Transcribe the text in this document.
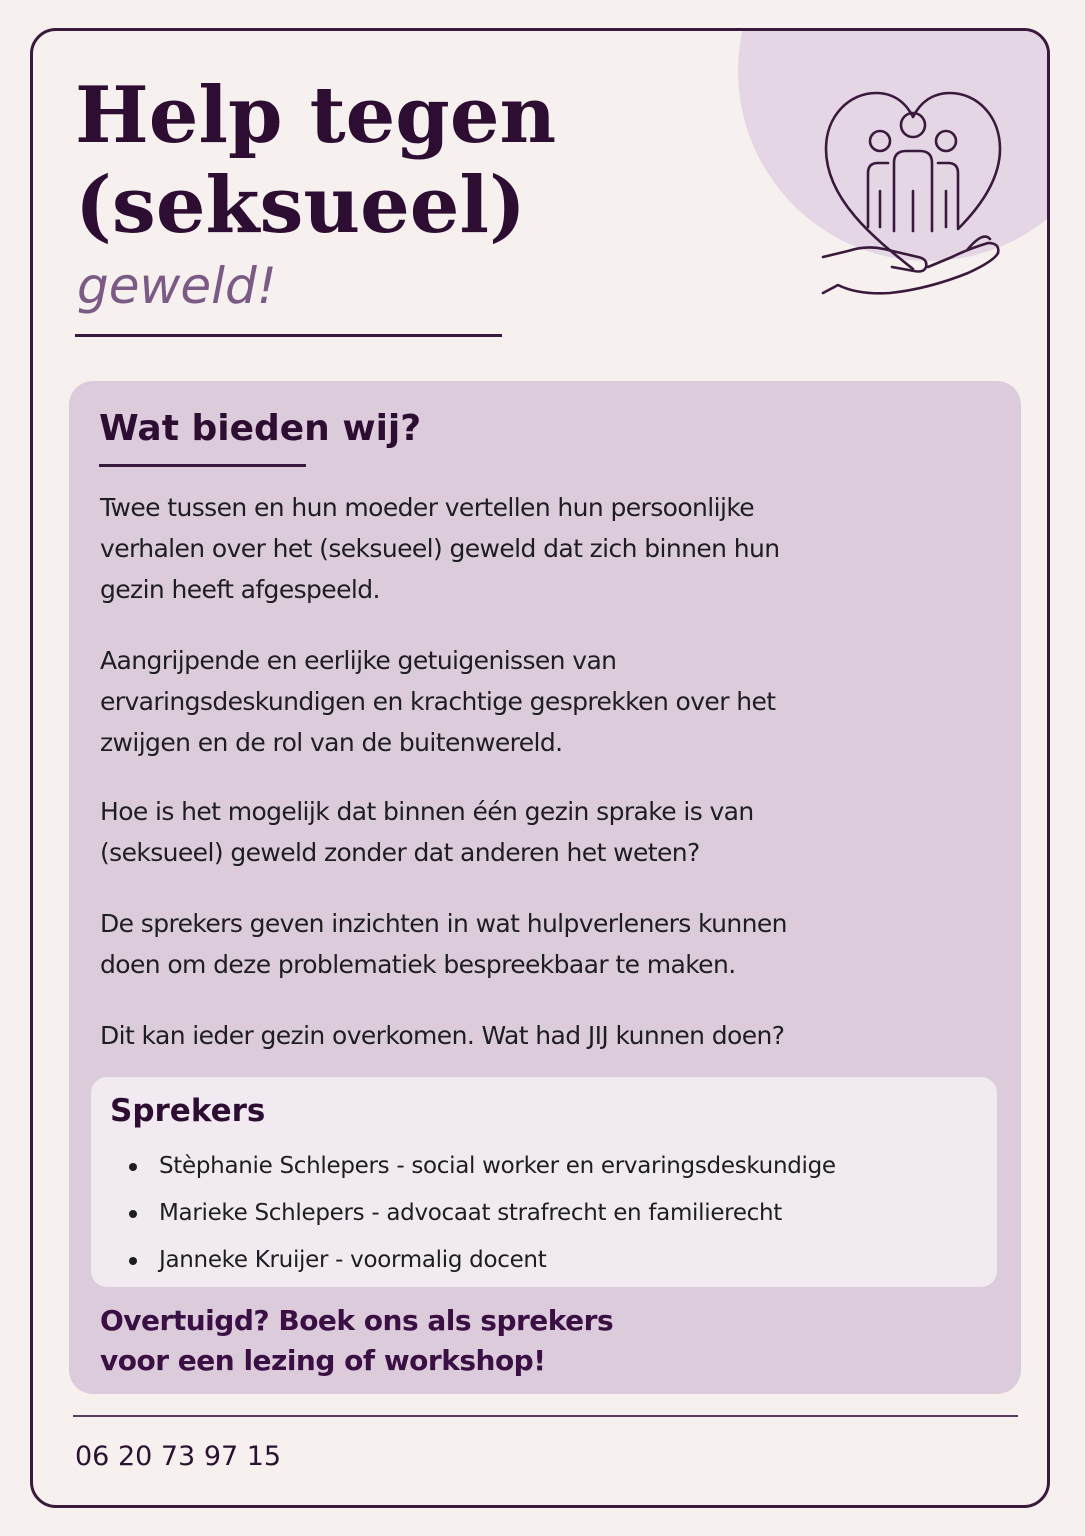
Help tegen
(seksueel)

geweld!

Wat bieden wij?

Twee tussen en hun moeder vertellen hun persoonlijke
verhalen over het (seksueel) geweld dat zich binnen hun
gezin heeft afgespeeld.

Aangrijpende en eerlijke getuigenissen van
ervaringsdeskundigen en krachtige gesprekken over het
zwijgen en de rol van de buitenwereld.

Hoe is het mogelijk dat binnen één gezin sprake is van
(seksueel) geweld zonder dat anderen het weten?

De sprekers geven inzichten in wat hulpverleners kunnen
doen om deze problematiek bespreekbaar te maken.

Dit kan ieder gezin overkomen. Wat had JIJ kunnen doen?

Sprekers
Stèphanie Schlepers - social worker en ervaringsdeskundige
Marieke Schlepers - advocaat strafrecht en familierecht
Janneke Kruijer - voormalig docent

Overtuigd? Boek ons als sprekers
voor een lezing of workshop!

06 20 73 97 15
